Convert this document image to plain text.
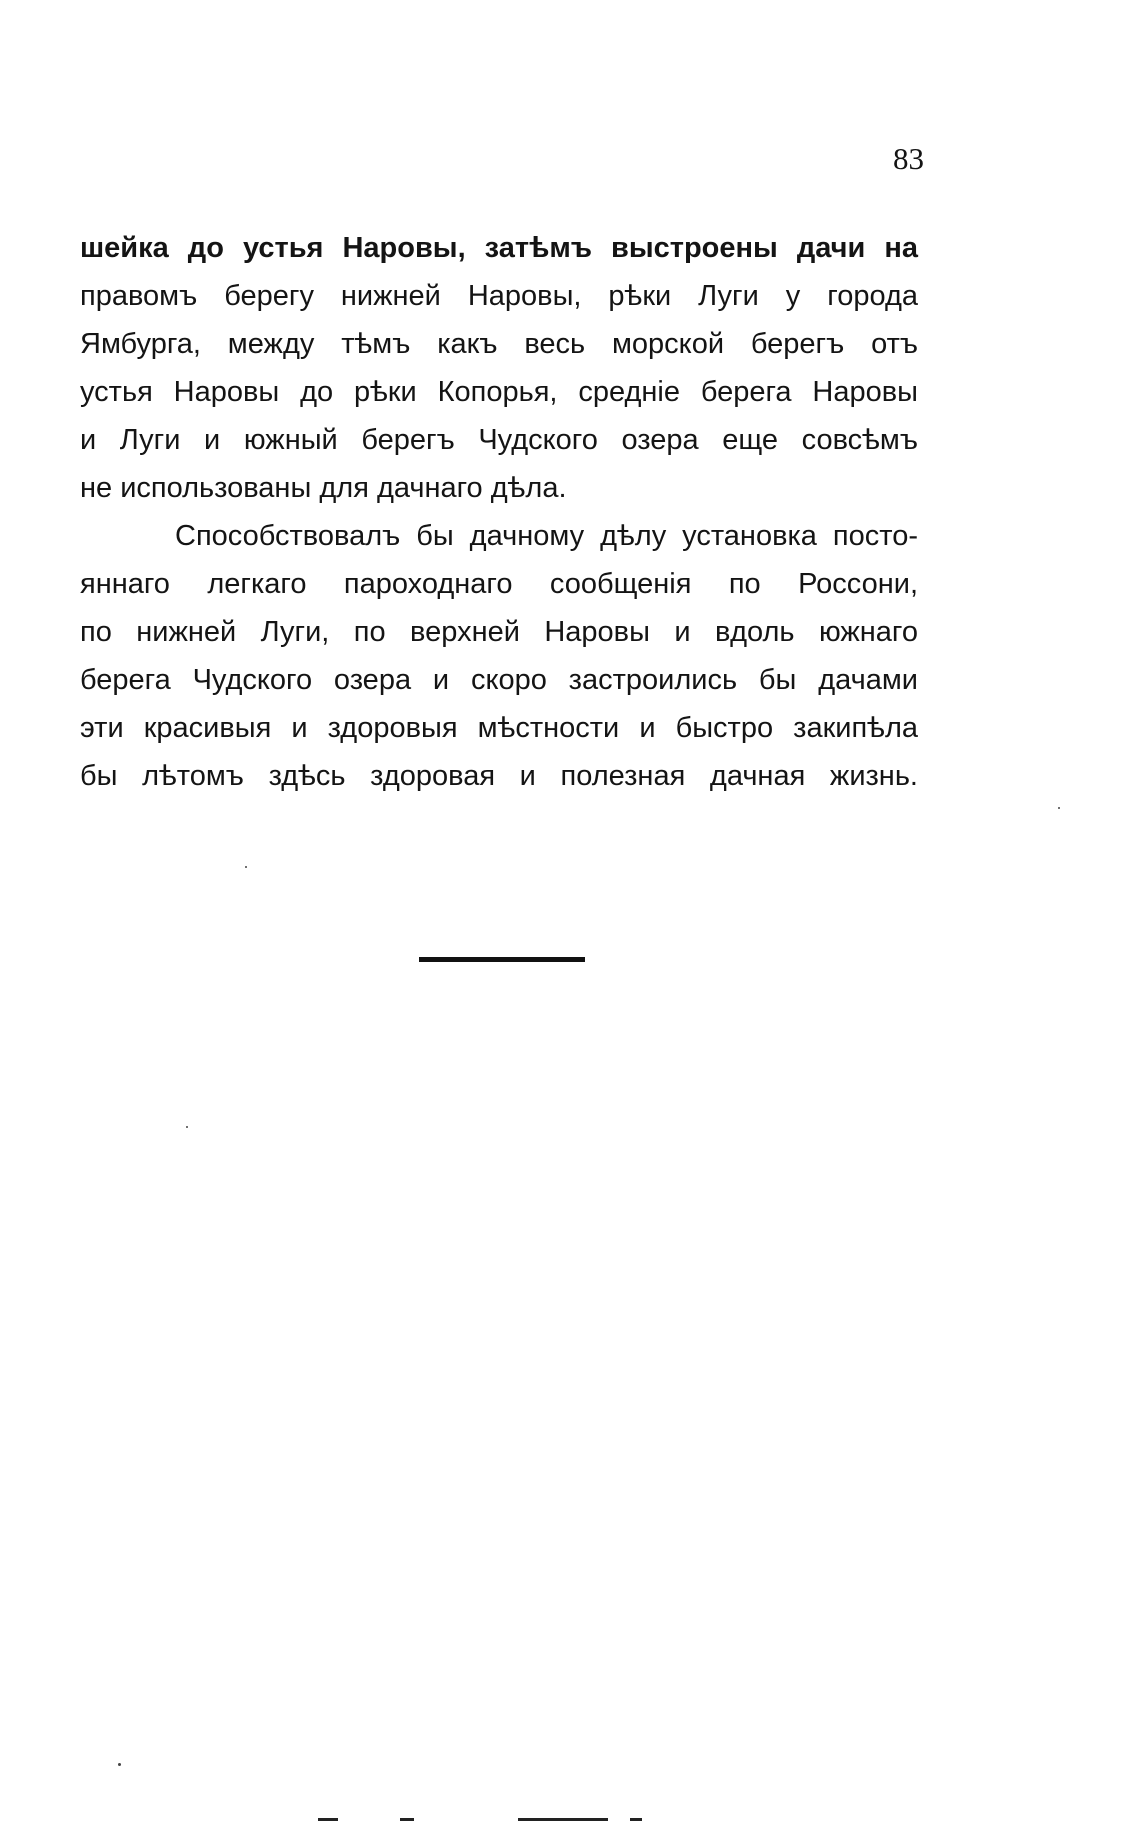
83
шейка до устья Наровы, затѣмъ выстроены дачи на
правомъ берегу нижней Наровы, рѣки Луги у города
Ямбурга, между тѣмъ какъ весь морской берегъ отъ
устья Наровы до рѣки Копорья, средніе берега Наровы
и Луги и южный берегъ Чудского озера еще совсѣмъ
не использованы для дачнаго дѣла.
Способствовалъ бы дачному дѣлу установка посто-
яннаго легкаго пароходнаго сообщенія по Россони,
по нижней Луги, по верхней Наровы и вдоль южнаго
берега Чудского озера и скоро застроились бы дачами
эти красивыя и здоровыя мѣстности и быстро закипѣла
бы лѣтомъ здѣсь здоровая и полезная дачная жизнь.
